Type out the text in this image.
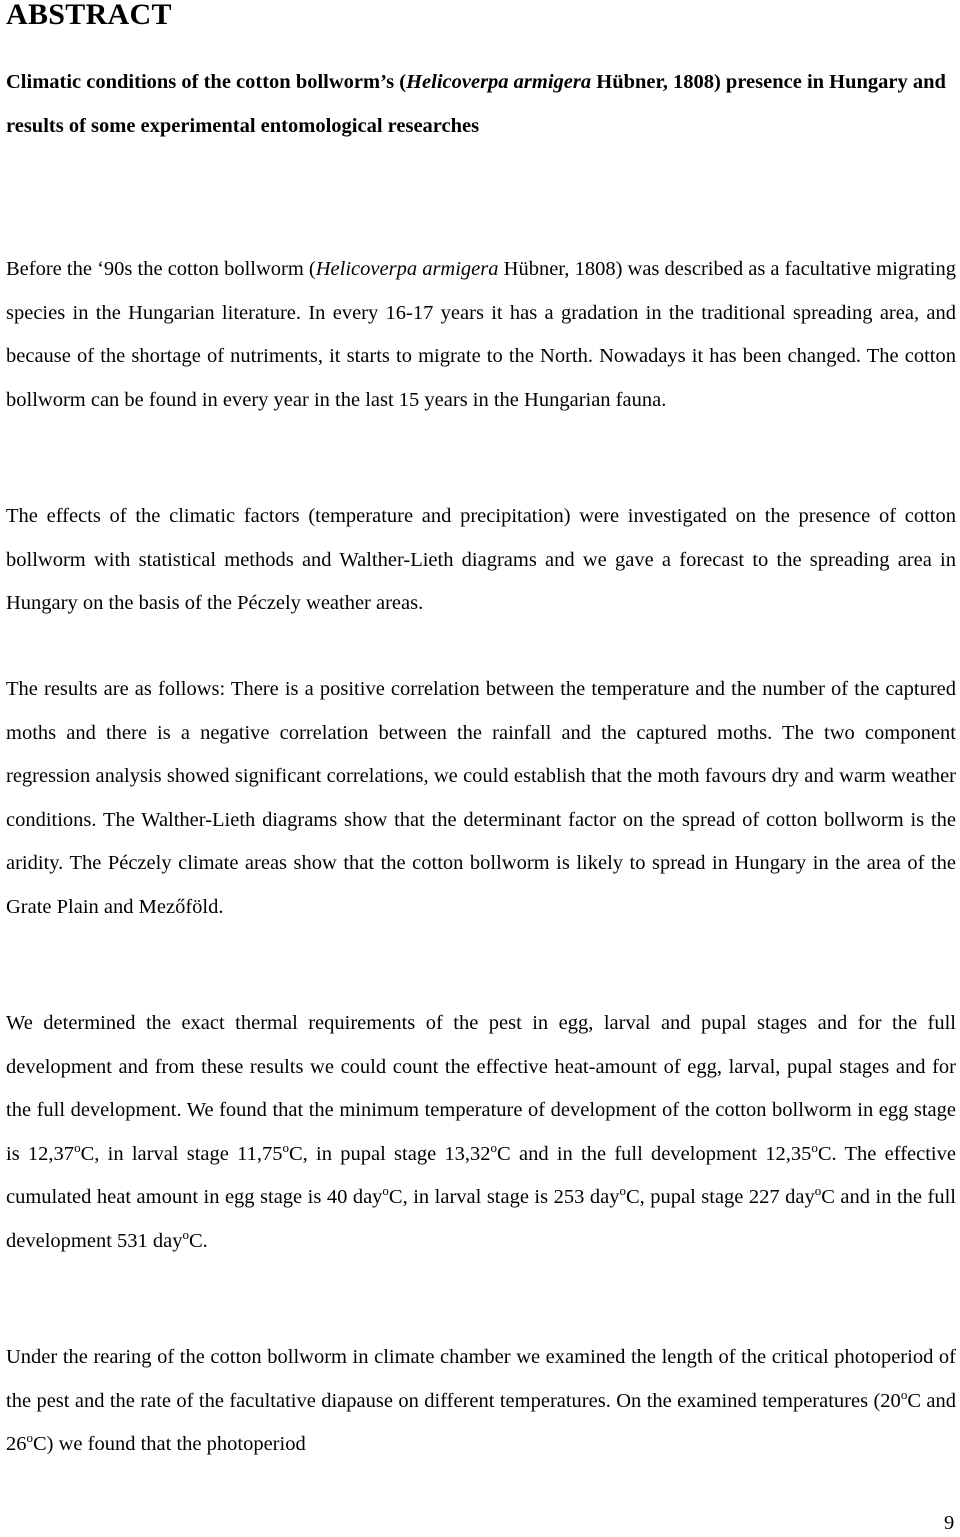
ABSTRACT
Climatic conditions of the cotton bollworm’s (Helicoverpa armigera Hübner, 1808) presence in Hungary and results of some experimental entomological researches

Before the ‘90s the cotton bollworm (Helicoverpa armigera Hübner, 1808) was described as a facultative migrating species in the Hungarian literature. In every 16-17 years it has a gradation in the traditional spreading area, and because of the shortage of nutriments, it starts to migrate to the North. Nowadays it has been changed. The cotton bollworm can be found in every year in the last 15 years in the Hungarian fauna.

The effects of the climatic factors (temperature and precipitation) were investigated on the presence of cotton bollworm with statistical methods and Walther-Lieth diagrams and we gave a forecast to the spreading area in Hungary on the basis of the Péczely weather areas.

The results are as follows: There is a positive correlation between the temperature and the number of the captured moths and there is a negative correlation between the rainfall and the captured moths. The two component regression analysis showed significant correlations, we could establish that the moth favours dry and warm weather conditions. The Walther-Lieth diagrams show that the determinant factor on the spread of cotton bollworm is the aridity. The Péczely climate areas show that the cotton bollworm is likely to spread in Hungary in the area of the Grate Plain and Mezőföld.

We determined the exact thermal requirements of the pest in egg, larval and pupal stages and for the full development and from these results we could count the effective heat-amount of egg, larval, pupal stages and for the full development. We found that the minimum temperature of development of the cotton bollworm in egg stage is 12,37$^o$C, in larval stage 11,75$^o$C, in pupal stage 13,32$^o$C and in the full development 12,35$^o$C. The effective cumulated heat amount in egg stage is 40 day$^o$C, in larval stage is 253 day$^o$C, pupal stage 227 day$^o$C and in the full development 531 day$^o$C.

Under the rearing of the cotton bollworm in climate chamber we examined the length of the critical photoperiod of the pest and the rate of the facultative diapause on different temperatures. On the examined temperatures (20$^o$C and 26$^o$C) we found that the photoperiod

9
